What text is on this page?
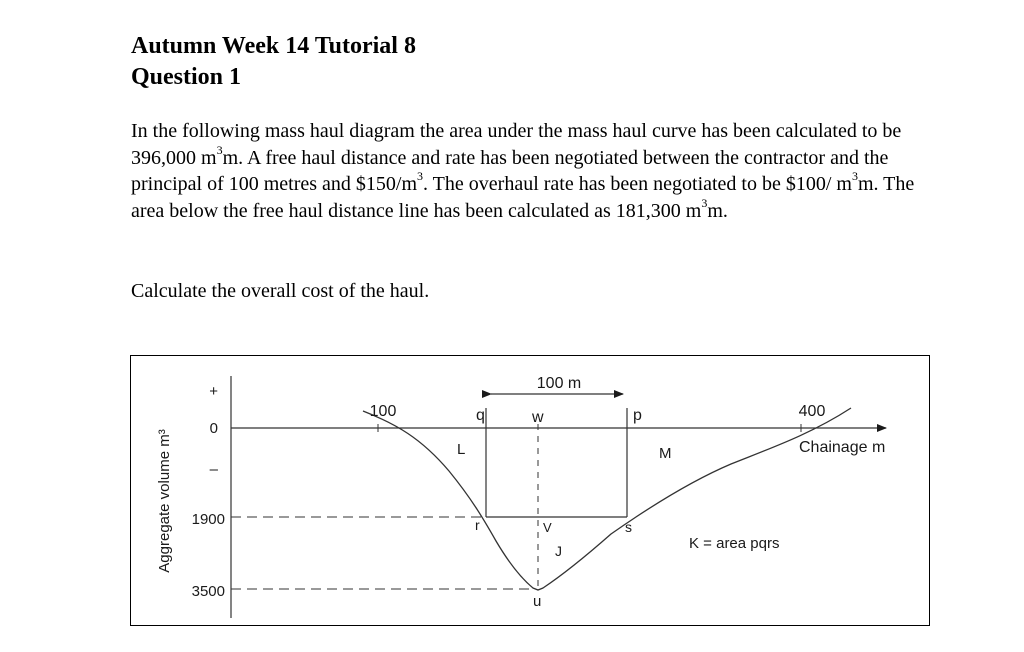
Autumn Week 14 Tutorial 8
Question 1
In the following mass haul diagram the area under the mass haul curve has been calculated to be 396,000 $m^3m$. A free haul distance and rate has been negotiated between the contractor and the principal of 100 metres and $\$150/m^3$. The overhaul rate has been negotiated to be $100/ $m^3m$. The area below the free haul distance line has been calculated as 181,300 $m^3m$.
Calculate the overall cost of the haul.
Aggregate volume m³
+
0
–
1900
3500
Chainage m
100 m
100	400
q
L
w	p
M
r	V	s
J
u
K = area pqrs
